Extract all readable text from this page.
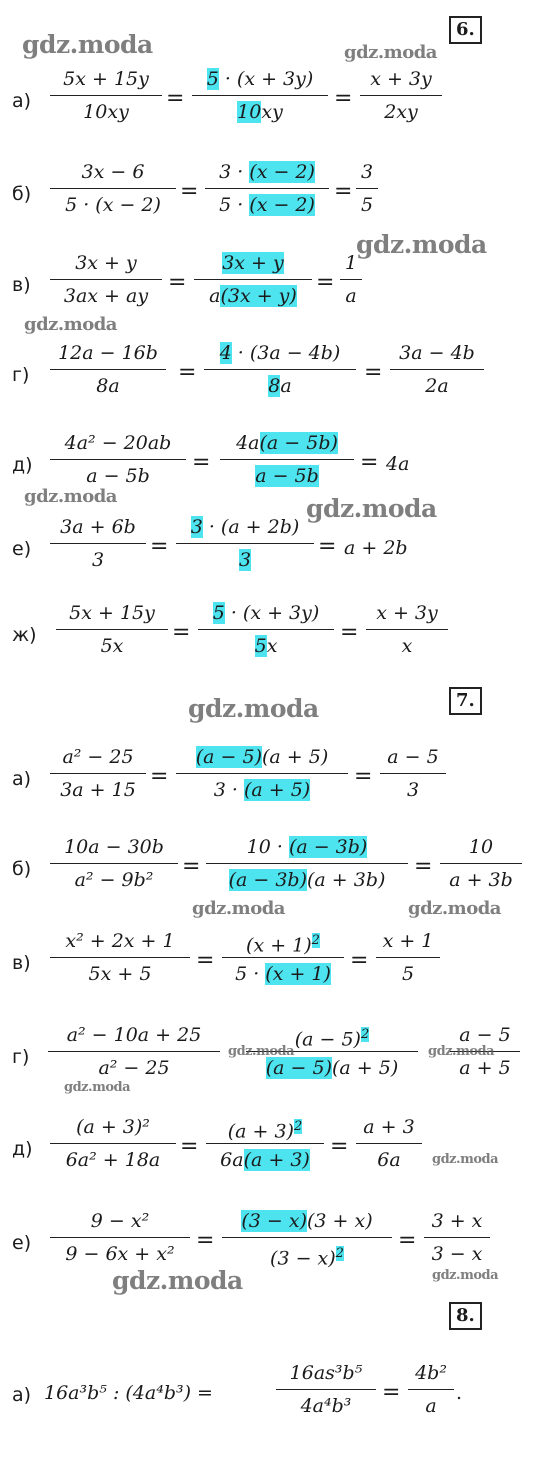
6.
а)
5x + 15y
10xy
=
5 · (x + 3y)
10xy
=
x + 3y
2xy
б)
3x − 6
5 · (x − 2)
=
3 · (x − 2)
5 · (x − 2)
=
3
5
в)
3x + y
3ax + ay
=
3x + y
a(3x + y)
=
1
a
г)
12a − 16b
8a
=
4 · (3a − 4b)
8a
=
3a − 4b
2a
д)
4a² − 20ab
a − 5b
=
4a(a − 5b)
a − 5b
= 4a
е)
3a + 6b
3
=
3 · (a + 2b)
3
= a + 2b
ж)
5x + 15y
5x
=
5 · (x + 3y)
5x
=
x + 3y
x
7.
а)
a² − 25
3a + 15
=
(a − 5)(a + 5)
3 · (a + 5)
=
a − 5
3
б)
10a − 30b
a² − 9b²
=
10 · (a − 3b)
(a − 3b)(a + 3b)
=
10
a + 3b
в)
x² + 2x + 1
5x + 5
=
$(x + 1)^2$
5 · (x + 1)
=
x + 1
5
г)
a² − 10a + 25
a² − 25
$(a - 5)^2$
(a − 5)(a + 5)
a − 5
a + 5
д)
(a + 3)²
6a² + 18a
=
$(a + 3)^2$
6a(a + 3)
=
a + 3
6a
е)
9 − x²
9 − 6x + x²
=
(3 − x)(3 + x)
$(3 - x)^2$
=
3 + x
3 − x
8.
а) 16a³b⁵ : (4a⁴b³) =
16as³b⁵
4a⁴b³
=
4b²
a
.
gdz.moda	gdz.moda
gdz.moda
gdz.moda
gdz.moda	gdz.moda
gdz.moda
gdz.moda	gdz.moda
gdz.moda	gdz.moda
gdz.moda
gdz.moda
gdz.moda	gdz.moda
